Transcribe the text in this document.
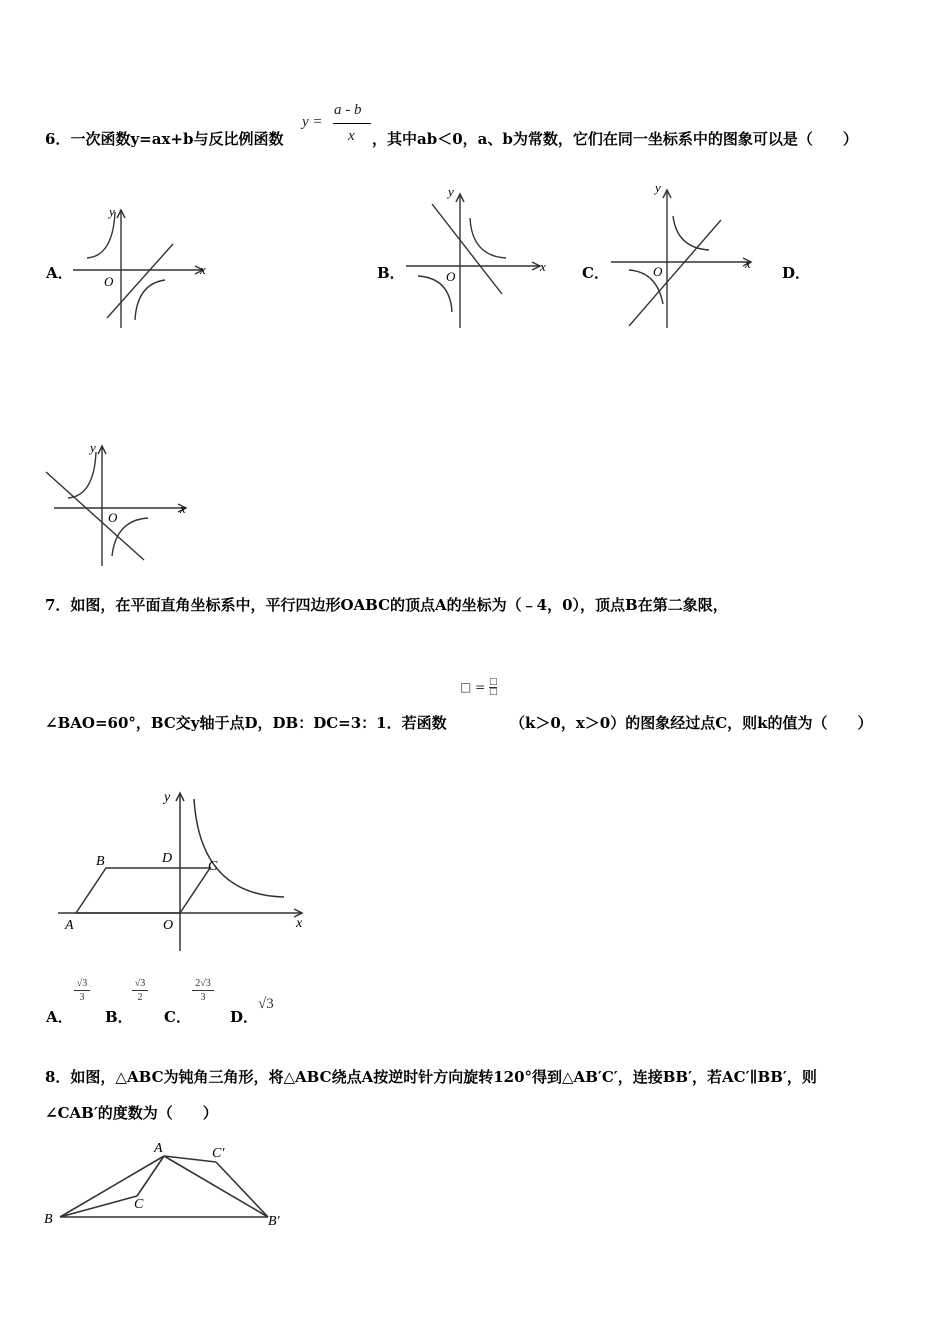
6．一次函数y=ax+b与反比例函数
y =
a - b
x ，其中ab＜0，a、b为常数，它们在同一坐标系中的图象可以是（　　）
A．	B．	C．	D．
y
x
O
y
x
O
y
x
O
y
x
O
7．如图，在平面直角坐标系中，平行四边形OABC的顶点A的坐标为（﹣4，0），顶点B在第二象限，
□ = □

□
∠BAO=60°，BC交y轴于点D，DB：DC=3：1．若函数	（k＞0，x＞0）的图象经过点C，则k的值为（　　）
y
x
B	D
C
A	O
A．
√3
3
B．
√3
2
C．
2√3
3
D．
√3
8．如图，△ABC为钝角三角形，将△ABC绕点A按逆时针方向旋转120°得到△AB′C′，连接BB′，若AC′∥BB′，则
∠CAB′的度数为（　　）
A	C′
C
B	B′
